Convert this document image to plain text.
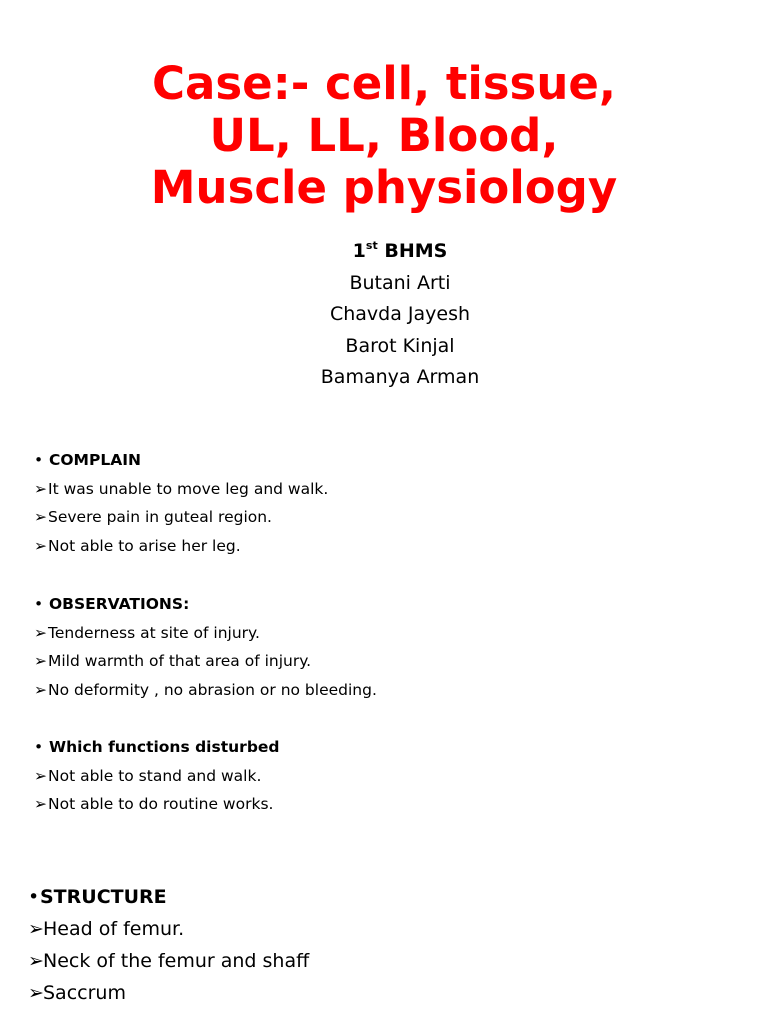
Case:- cell, tissue,
UL, LL, Blood,
Muscle physiology
1st BHMS
Butani Arti
Chavda Jayesh
Barot Kinjal
Bamanya Arman
• COMPLAIN
➢ It was unable to move leg and walk.
➢ Severe pain in guteal region.
➢ Not able to arise her leg.
• OBSERVATIONS:
➢ Tenderness at site of injury.
➢ Mild warmth of that area of injury.
➢ No deformity , no abrasion or no bleeding.
• Which functions disturbed
➢ Not able to stand and walk.
➢ Not able to do routine works.
• STRUCTURE
➢ Head of femur.
➢ Neck of the femur and shaff
➢ Saccrum
